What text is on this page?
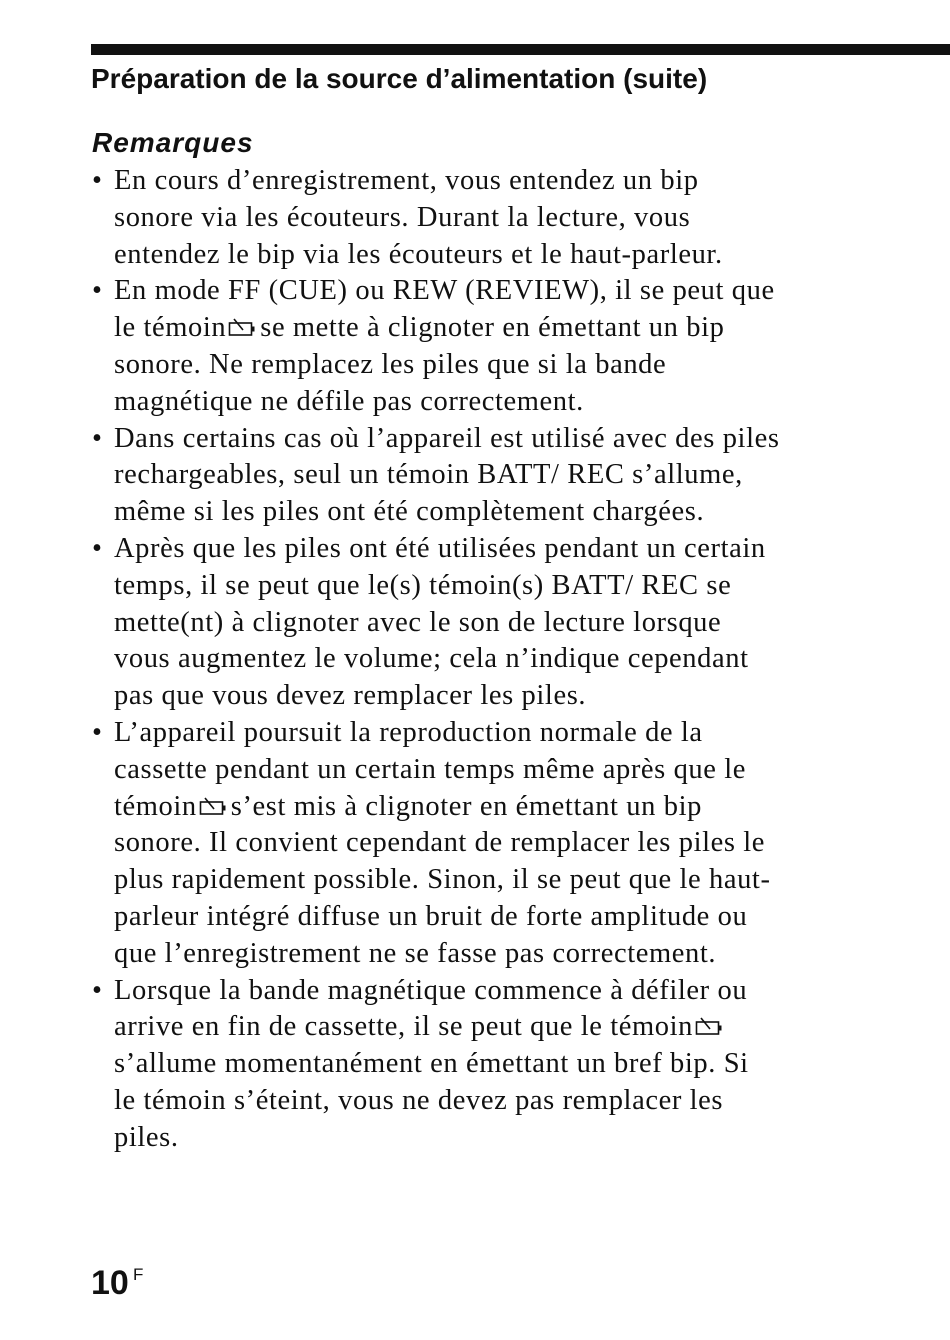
Préparation de la source d’alimentation (suite)
Remarques
• En cours d’enregistrement, vous entendez un bip
sonore via les écouteurs. Durant la lecture, vous
entendez le bip via les écouteurs et le haut-parleur.
• En mode FF (CUE) ou REW (REVIEW), il se peut que
le témoin se mette à clignoter en émettant un bip
sonore. Ne remplacez les piles que si la bande
magnétique ne défile pas correctement.
• Dans certains cas où l’appareil est utilisé avec des piles
rechargeables, seul un témoin BATT/ REC s’allume,
même si les piles ont été complètement chargées.
• Après que les piles ont été utilisées pendant un certain
temps, il se peut que le(s) témoin(s) BATT/ REC se
mette(nt) à clignoter avec le son de lecture lorsque
vous augmentez le volume; cela n’indique cependant
pas que vous devez remplacer les piles.
• L’appareil poursuit la reproduction normale de la
cassette pendant un certain temps même après que le
témoin s’est mis à clignoter en émettant un bip
sonore. Il convient cependant de remplacer les piles le
plus rapidement possible. Sinon, il se peut que le haut-
parleur intégré diffuse un bruit de forte amplitude ou
que l’enregistrement ne se fasse pas correctement.
• Lorsque la bande magnétique commence à défiler ou
arrive en fin de cassette, il se peut que le témoin
s’allume momentanément en émettant un bref bip. Si
le témoin s’éteint, vous ne devez pas remplacer les
piles.
10 F
